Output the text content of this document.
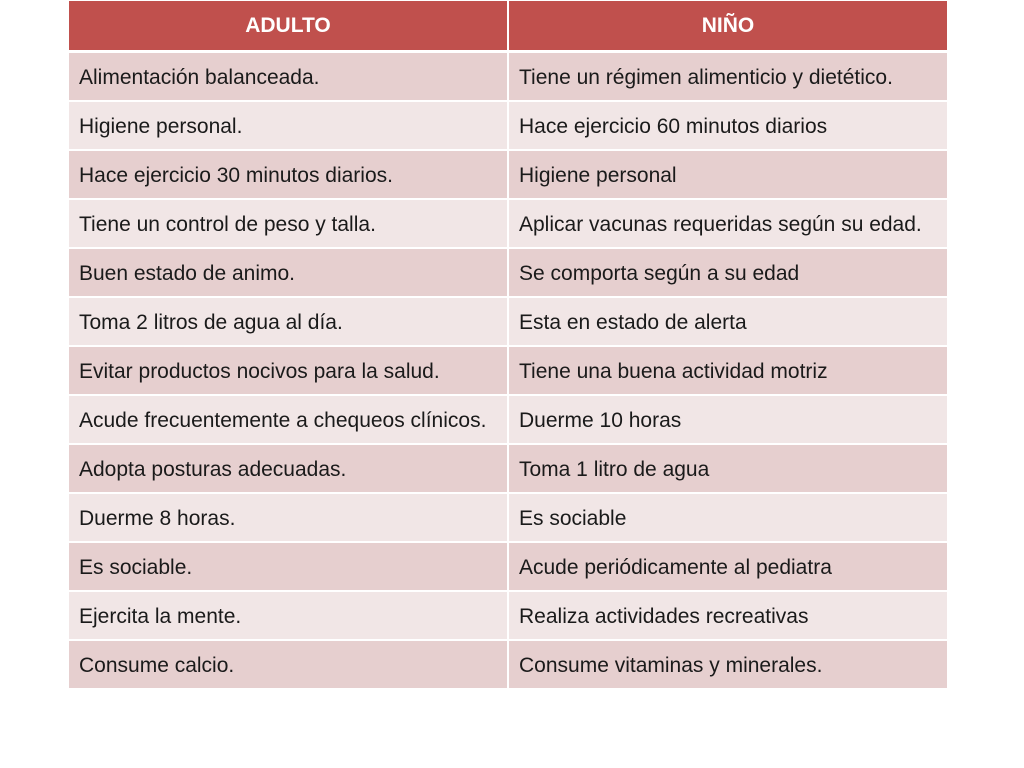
ADULTO	NIÑO
Alimentación balanceada.	Tiene un régimen alimenticio y dietético.
Higiene personal.	Hace ejercicio 60 minutos diarios
Hace ejercicio 30 minutos diarios.	Higiene personal
Tiene un control de peso y talla.	Aplicar vacunas requeridas según su edad.
Buen estado de animo.	Se comporta según a su edad
Toma 2 litros de agua al día.	Esta en estado de alerta
Evitar productos nocivos para la salud.	Tiene una buena actividad motriz
Acude frecuentemente a chequeos clínicos.	Duerme 10 horas
Adopta posturas adecuadas.	Toma 1 litro de agua
Duerme 8 horas.	Es sociable
Es sociable.	Acude periódicamente al pediatra
Ejercita la mente.	Realiza actividades recreativas
Consume calcio.	Consume vitaminas y minerales.
